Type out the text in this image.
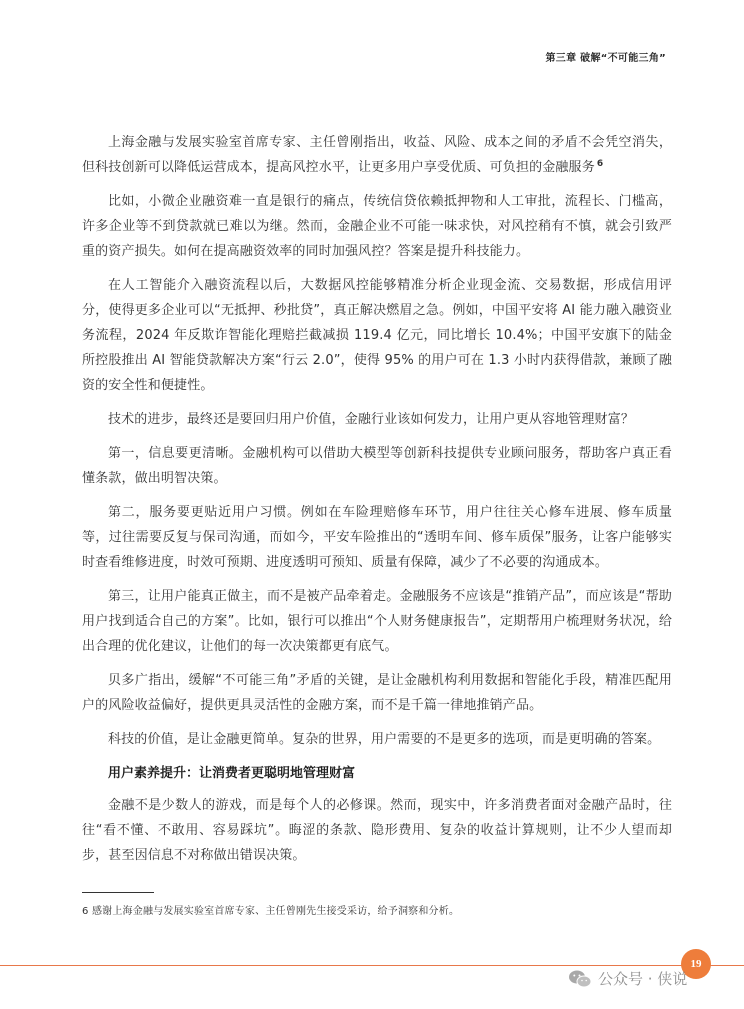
第三章 破解“不可能三角”

上海金融与发展实验室首席专家、主任曾刚指出，收益、风险、成本之间的矛盾不会凭空消失，但科技创新可以降低运营成本，提高风控水平，让更多用户享受优质、可负担的金融服务 $^6$

比如，小微企业融资难一直是银行的痛点，传统信贷依赖抵押物和人工审批，流程长、门槛高，许多企业等不到贷款就已难以为继。然而，金融企业不可能一味求快，对风控稍有不慎，就会引致严重的资产损失。如何在提高融资效率的同时加强风控？答案是提升科技能力。

在人工智能介入融资流程以后，大数据风控能够精准分析企业现金流、交易数据，形成信用评分，使得更多企业可以“无抵押、秒批贷”，真正解决燃眉之急。例如，中国平安将 AI 能力融入融资业务流程，2024 年反欺诈智能化理赔拦截减损 119.4 亿元，同比增长 10.4%；中国平安旗下的陆金所控股推出 AI 智能贷款解决方案“行云 2.0”，使得 95% 的用户可在 1.3 小时内获得借款，兼顾了融资的安全性和便捷性。

技术的进步，最终还是要回归用户价值，金融行业该如何发力，让用户更从容地管理财富？

第一，信息要更清晰。金融机构可以借助大模型等创新科技提供专业顾问服务，帮助客户真正看懂条款，做出明智决策。

第二，服务要更贴近用户习惯。例如在车险理赔修车环节，用户往往关心修车进展、修车质量等，过往需要反复与保司沟通，而如今，平安车险推出的“透明车间、修车质保”服务，让客户能够实时查看维修进度，时效可预期、进度透明可预知、质量有保障，减少了不必要的沟通成本。

第三，让用户能真正做主，而不是被产品牵着走。金融服务不应该是“推销产品”，而应该是“帮助用户找到适合自己的方案”。比如，银行可以推出“个人财务健康报告”，定期帮用户梳理财务状况，给出合理的优化建议，让他们的每一次决策都更有底气。

贝多广指出，缓解“不可能三角”矛盾的关键，是让金融机构利用数据和智能化手段，精准匹配用户的风险收益偏好，提供更具灵活性的金融方案，而不是千篇一律地推销产品。

科技的价值，是让金融更简单。复杂的世界，用户需要的不是更多的选项，而是更明确的答案。

用户素养提升：让消费者更聪明地管理财富

金融不是少数人的游戏，而是每个人的必修课。然而，现实中，许多消费者面对金融产品时，往往“看不懂、不敢用、容易踩坑”。晦涩的条款、隐形费用、复杂的收益计算规则，让不少人望而却步，甚至因信息不对称做出错误决策。

6 感谢上海金融与发展实验室首席专家、主任曾刚先生接受采访，给予洞察和分析。
19
公众号 · 侠说
